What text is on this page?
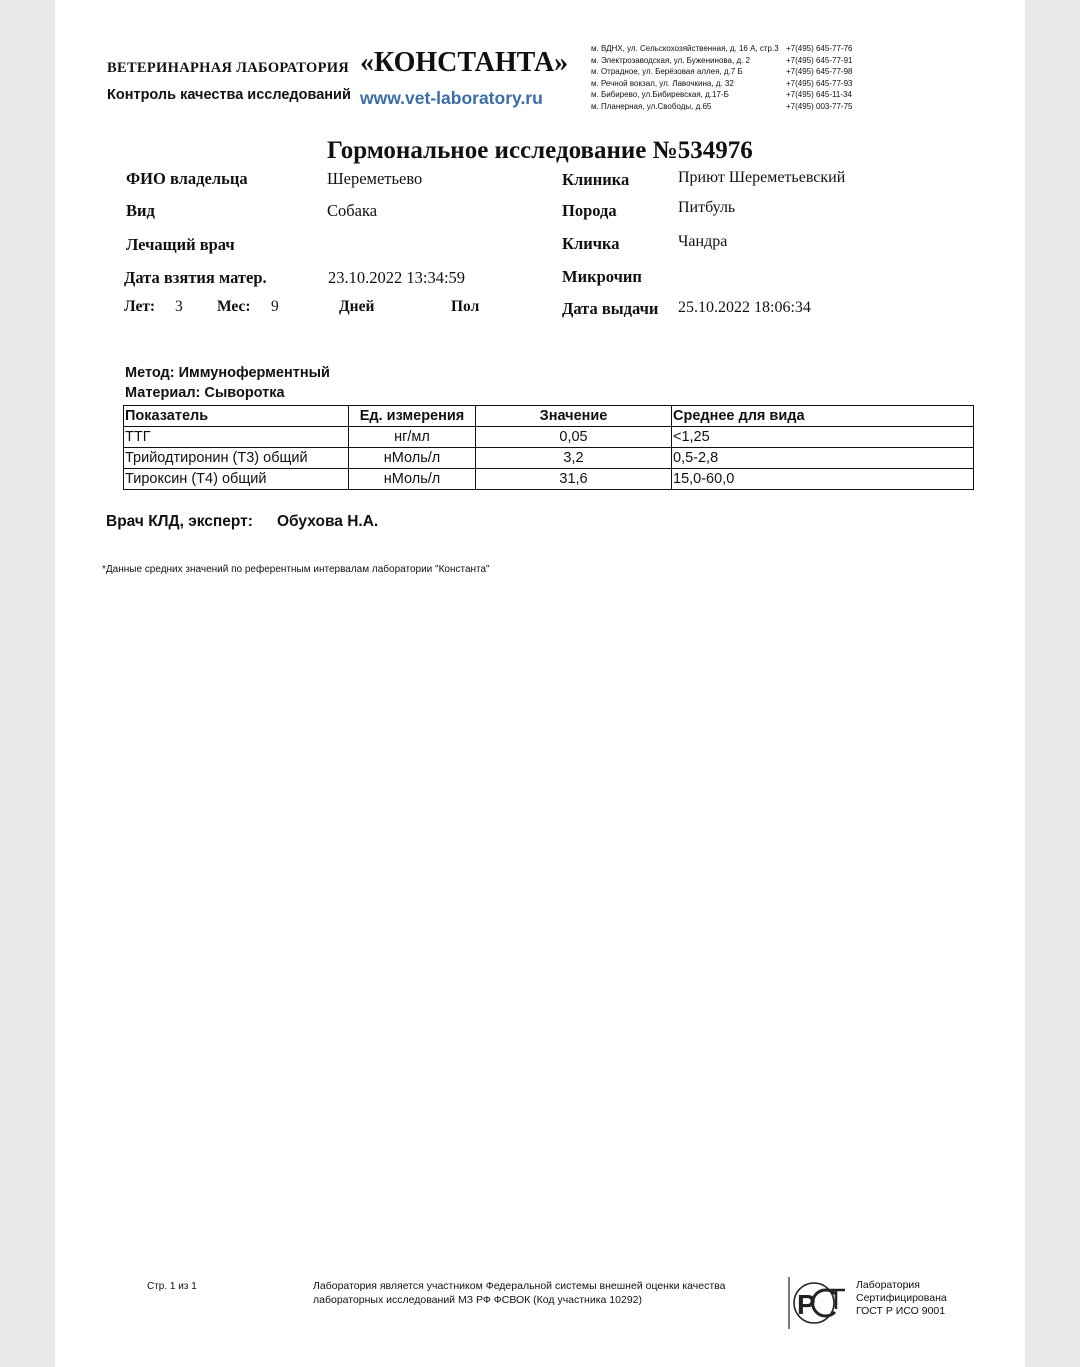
ВЕТЕРИНАРНАЯ ЛАБОРАТОРИЯ
Контроль качества исследований
«КОНСТАНТА»
www.vet-laboratory.ru
м. ВДНХ, ул. Сельскохозяйственная, д. 16 А, стр.3 +7(495) 645-77-76
м. Электрозаводская, ул. Буженинова, д. 2	+7(495) 645-77-91
м. Отрадное, ул. Берёзовая аллея, д.7 Б	+7(495) 645-77-98
м. Речной вокзал, ул. Лавочкина, д. 32	+7(495) 645-77-93
м. Бибирево, ул.Бибиревская, д.17-Б	+7(495) 645-11-34
м. Планерная, ул.Свободы, д.65	+7(495) 003-77-75
Гормональное исследование №534976
ФИО владельца	Шереметьево
Вид	Собака
Лечащий врач
Дата взятия матер.	23.10.2022 13:34:59
Лет: 3 Мес: 9	Дней	Пол
Клиника	Приют Шереметьевский
Порода	Питбуль
Кличка	Чандра
Микрочип
Дата выдачи 25.10.2022 18:06:34
Метод: Иммуноферментный
Материал: Сыворотка
Показатель	Ед. измерения	Значение	Среднее для вида
ТТГ	нг/мл	0,05	<1,25
Трийодтиронин (Т3) общий	нМоль/л	3,2	0,5-2,8
Тироксин (Т4) общий	нМоль/л	31,6	15,0-60,0
Врач КЛД, эксперт: Обухова Н.А.
*Данные средних значений по референтным интервалам лаборатории "Константа"
Стр. 1 из 1	Лаборатория является участником Федеральной системы внешней оценки качества лабораторных исследований МЗ РФ ФСВОК (Код участника 10292)	P
Лаборатория
Сертифицирована
ГОСТ Р ИСО 9001
